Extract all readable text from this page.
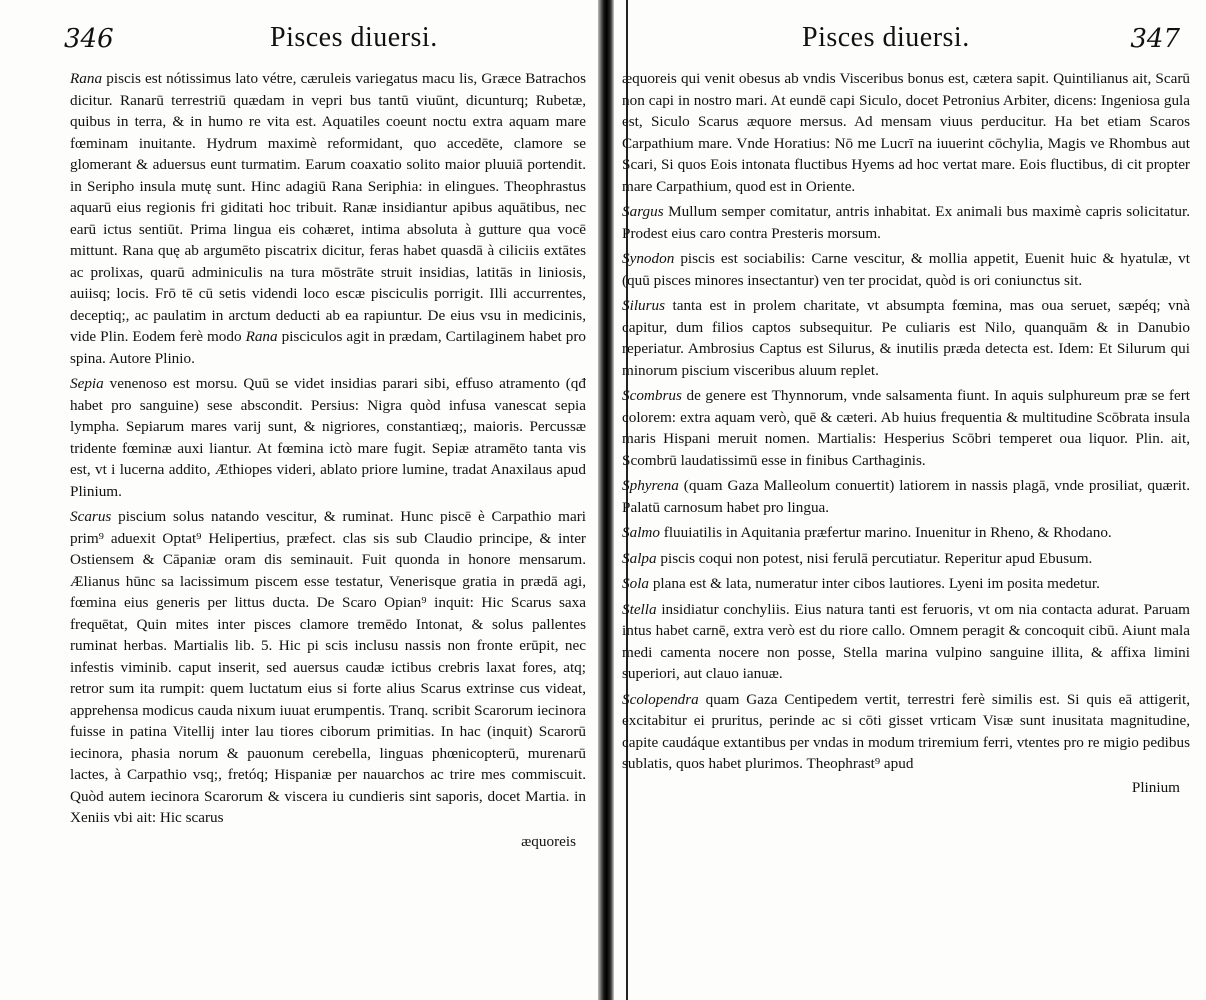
346	Pisces diuersi.

Rana piscis est nótissimus lato vétre, cæruleis variegatus macu lis, Græce Batrachos dicitur. Ranarū terrestriū quædam in vepri bus tantū viuūnt, dicunturq; Rubetæ, quibus in terra, & in humo re vita est. Aquatiles coeunt noctu extra aquam mare fœminam inuitante. Hydrum maximè reformidant, quo accedēte, clamore se glomerant & aduersus eunt turmatim. Earum coaxatio solito maior pluuiā portendit. in Seripho insula mutę sunt. Hinc adagiū Rana Seriphia: in elingues. Theophrastus aquarū eius regionis fri giditati hoc tribuit. Ranæ insidiantur apibus aquātibus, nec earū ictus sentiūt. Prima lingua eis cohæret, intima absoluta à gutture qua vocē mittunt. Rana quę ab argumēto piscatrix dicitur, feras habet quasdā à ciliciis extātes ac prolixas, quarū adminiculis na tura mōstrāte struit insidias, latitās in liniosis, auiisq; locis. Frō tē cū setis videndi loco escæ pisciculis porrigit. Illi accurrentes, deceptiq;, ac paulatim in arctum deducti ab ea rapiuntur. De eius vsu in medicinis, vide Plin. Eodem ferè modo Rana pisciculos agit in prædam, Cartilaginem habet pro spina. Autore Plinio.

Sepia venenoso est morsu. Quū se videt insidias parari sibi, effuso atramento (qđ habet pro sanguine) sese abscondit. Persius: Nigra quòd infusa vanescat sepia lympha. Sepiarum mares varij sunt, & nigriores, constantiæq;, maioris. Percussæ tridente fœminæ auxi liantur. At fœmina ictò mare fugit. Sepiæ atramēto tanta vis est, vt i lucerna addito, Æthiopes videri, ablato priore lumine, tradat Anaxilaus apud Plinium.

Scarus piscium solus natando vescitur, & ruminat. Hunc piscē è Carpathio mari prim⁹ aduexit Optat⁹ Helipertius, præfect. clas sis sub Claudio principe, & inter Ostiensem & Cāpaniæ oram dis seminauit. Fuit quonda in honore mensarum. Ælianus hūnc sa lacissimum piscem esse testatur, Venerisque gratia in prædā agi, fœmina eius generis per littus ducta. De Scaro Opian⁹ inquit: Hic Scarus saxa frequētat, Quin mites inter pisces clamore tremēdo Intonat, & solus pallentes ruminat herbas. Martialis lib. 5. Hic pi scis inclusu nassis non fronte erūpit, nec infestis viminib. caput inserit, sed auersus caudæ ictibus crebris laxat fores, atq; retror sum ita rumpit: quem luctatum eius si forte alius Scarus extrinse cus videat, apprehensa modicus cauda nixum iuuat erumpentis. Tranq. scribit Scarorum iecinora fuisse in patina Vitellij inter lau tiores ciborum primitias. In hac (inquit) Scarorū iecinora, phasia norum & pauonum cerebella, linguas phœnicopterū, murenarū lactes, à Carpathio vsq;, fretóq; Hispaniæ per nauarchos ac trire mes commiscuit. Quòd autem iecinora Scarorum & viscera iu cundieris sint saporis, docet Martia. in Xeniis vbi ait: Hic scarus

æquoreis
Pisces diuersi.	347

æquoreis qui venit obesus ab vndis Visceribus bonus est, cætera sapit. Quintilianus ait, Scarū non capi in nostro mari. At eundē capi Siculo, docet Petronius Arbiter, dicens: Ingeniosa gula est, Siculo Scarus æquore mersus. Ad mensam viuus perducitur. Ha bet etiam Scaros Carpathium mare. Vnde Horatius: Nō me Lucrī na iuuerint cōchylia, Magis ve Rhombus aut Scari, Si quos Eois intonata fluctibus Hyems ad hoc vertat mare. Eois fluctibus, di cit propter mare Carpathium, quod est in Oriente.

Sargus Mullum semper comitatur, antris inhabitat. Ex animali bus maximè capris solicitatur. Prodest eius caro contra Presteris morsum.

Synodon piscis est sociabilis: Carne vescitur, & mollia appetit, Euenit huic & hyatulæ, vt (quū pisces minores insectantur) ven ter procidat, quòd is ori coniunctus sit.

Silurus tanta est in prolem charitate, vt absumpta fœmina, mas oua seruet, sæpéq; vnà capitur, dum filios captos subsequitur. Pe culiaris est Nilo, quanquām & in Danubio reperiatur. Ambrosius Captus est Silurus, & inutilis præda detecta est. Idem: Et Silurum qui minorum piscium visceribus aluum replet.

Scombrus de genere est Thynnorum, vnde salsamenta fiunt. In aquis sulphureum præ se fert colorem: extra aquam verò, quē & cæteri. Ab huius frequentia & multitudine Scōbrata insula maris Hispani meruit nomen. Martialis: Hesperius Scōbri temperet oua liquor. Plin. ait, Scombrū laudatissimū esse in finibus Carthaginis.

Sphyrena (quam Gaza Malleolum conuertit) latiorem in nassis plagā, vnde prosiliat, quærit. Palatū carnosum habet pro lingua.

Salmo fluuiatilis in Aquitania præfertur marino. Inuenitur in Rheno, & Rhodano.

Salpa piscis coqui non potest, nisi ferulā percutiatur. Reperitur apud Ebusum.

Sola plana est & lata, numeratur inter cibos lautiores. Lyeni im posita medetur.

Stella insidiatur conchyliis. Eius natura tanti est feruoris, vt om nia contacta adurat. Paruam intus habet carnē, extra verò est du riore callo. Omnem peragit & concoquit cibū. Aiunt mala medi camenta nocere non posse, Stella marina vulpino sanguine illita, & affixa limini superiori, aut clauo ianuæ.

Scolopendra quam Gaza Centipedem vertit, terrestri ferè similis est. Si quis eā attigerit, excitabitur ei pruritus, perinde ac si cōti gisset vrticam Visæ sunt inusitata magnitudine, capite caudáque extantibus per vndas in modum triremium ferri, vtentes pro re migio pedibus sublatis, quos habet plurimos. Theophrast⁹ apud

Plinium
